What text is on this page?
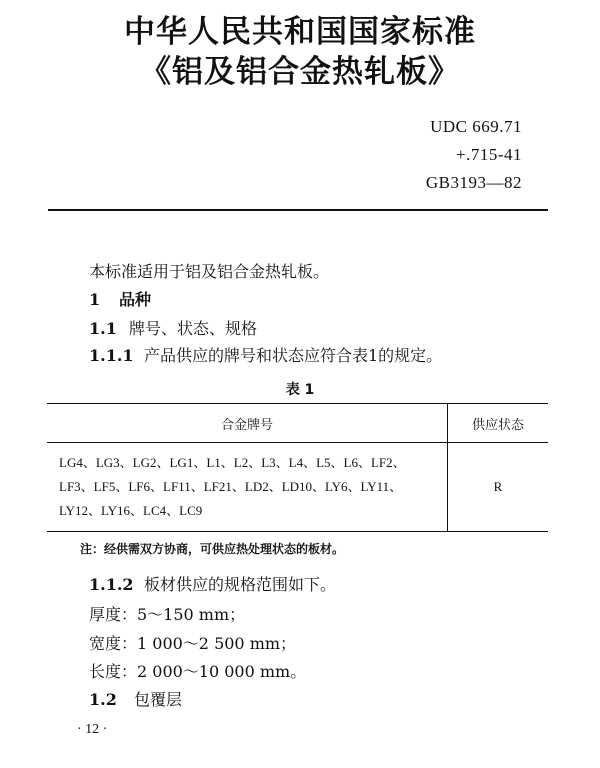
中华人民共和国国家标准
《铝及铝合金热轧板》
UDC 669.71
+.715-41
GB3193—82
本标准适用于铝及铝合金热轧板。
1 品种
1.1 牌号、状态、规格
1.1.1 产品供应的牌号和状态应符合表1的规定。
表 1
合金牌号	供应状态

LG4、LG3、LG2、LG1、L1、L2、L3、L4、L5、L6、LF2、
LF3、LF5、LF6、LF11、LF21、LD2、LD10、LY6、LY11、
LY12、LY16、LC4、LC9	R
注：经供需双方协商，可供应热处理状态的板材。
1.1.2 板材供应的规格范围如下。
厚度：5～150 mm；
宽度：1 000～2 500 mm；
长度：2 000～10 000 mm。
1.2 包覆层
· 12 ·
